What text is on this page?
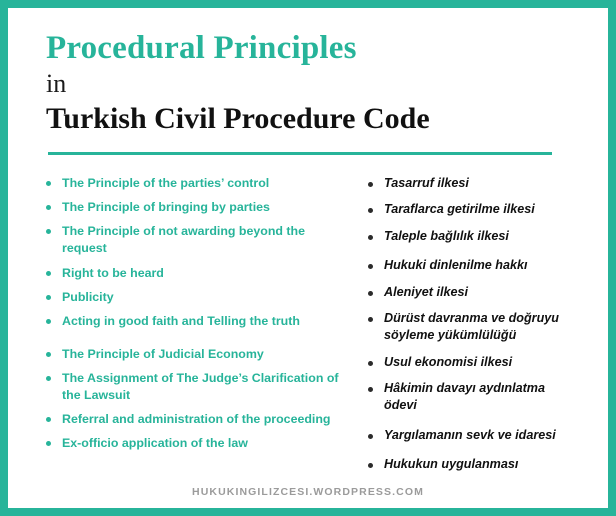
Procedural Principles
in
Turkish Civil Procedure Code
The Principle of the parties’ control
The Principle of bringing by parties
The Principle of not awarding beyond the request
Right to be heard
Publicity
Acting in good faith and Telling the truth
The Principle of Judicial Economy
The Assignment of The Judge’s Clarification of the Lawsuit
Referral and administration of the proceeding
Ex-officio application of the law
Tasarruf ilkesi
Taraflarca getirilme ilkesi
Taleple bağlılık ilkesi
Hukuki dinlenilme hakkı
Aleniyet ilkesi
Dürüst davranma ve doğruyu söyleme yükümlülüğü
Usul ekonomisi ilkesi
Hâkimin davayı aydınlatma ödevi
Yargılamanın sevk ve idaresi
Hukukun uygulanması
HUKUKINGILIZCESI.WORDPRESS.COM
